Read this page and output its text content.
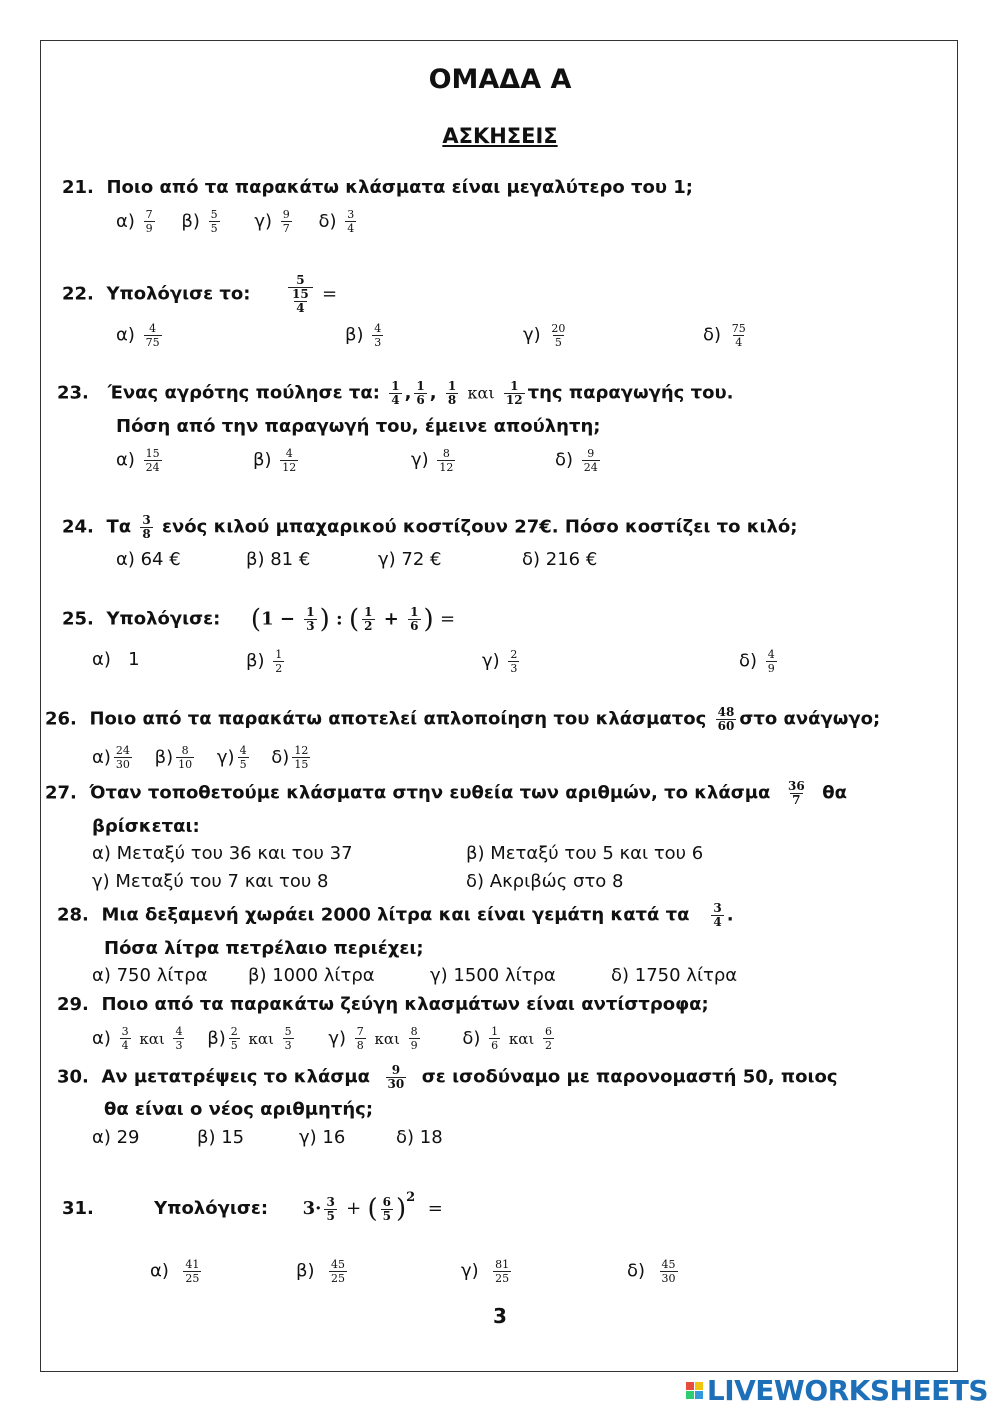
ΟΜΑΔΑ Α
ΑΣΚΗΣΕΙΣ
21. Ποιο από τα παρακάτω κλάσματα είναι μεγαλύτερο του 1;
$\alpha) \frac{7}{9} \beta) \frac{5}{5} \gamma) \frac{9}{7} \delta) \frac{3}{4}$
22. Υπολόγισε το:	$\frac{5}{\frac{15}{4}}$ =
$\alpha) \frac{4}{75}$	$\beta) \frac{4}{3}$	$\gamma) \frac{20}{5}$	$\delta) \frac{75}{4}$
23. Ένας αγρότης πούλησε τα: $\frac{1}{4}$ , $\frac{1}{6}$ , $\frac{1}{8}$ και $\frac{1}{12}$ της παραγωγής του.
Πόση από την παραγωγή του, έμεινε απούλητη;
$\alpha) \frac{15}{24}$	$\beta) \frac{4}{12}$	$\gamma) \frac{8}{12}$	$\delta) \frac{9}{24}$
24. Τα $\frac{3}{8}$ ενός κιλού μπαχαρικού κοστίζουν 27€. Πόσο κοστίζει το κιλό;
α) 64 €	β) 81 €	γ) 72 €	δ) 216 €
25. Υπολόγισε: ($1 - \frac{1}{3}$ ) : ( $\frac{1}{2} + \frac{1}{6}$ ) =
α) 1	$\beta) \frac{1}{2}$	$\gamma) \frac{2}{3}$	$\delta) \frac{4}{9}$
26. Ποιο από τα παρακάτω αποτελεί απλοποίηση του κλάσματος $\frac{48}{60}$ στο ανάγωγο;
$\alpha) \frac{24}{30} \beta) \frac{8}{10} \gamma) \frac{4}{5} \delta) \frac{12}{15}$
27. Όταν τοποθετούμε κλάσματα στην ευθεία των αριθμών, το κλάσμα $\frac{36}{7}$ θα
βρίσκεται:
α) Μεταξύ του 36 και του 37	β) Μεταξύ του 5 και του 6
γ) Μεταξύ του 7 και του 8	δ) Ακριβώς στο 8
28. Μια δεξαμενή χωράει 2000 λίτρα και είναι γεμάτη κατά τα $\frac{3}{4}$ .
Πόσα λίτρα πετρέλαιο περιέχει;
α) 750 λίτρα β) 1000 λίτρα	γ) 1500 λίτρα	δ) 1750 λίτρα
29. Ποιο από τα παρακάτω ζεύγη κλασμάτων είναι αντίστροφα;
$\alpha) \frac{3}{4}$ και $\frac{4}{3} \beta) \frac{2}{5}$ και $\frac{5}{3} \gamma) \frac{7}{8}$ και $\frac{8}{9} \delta) \frac{1}{6}$ και $\frac{6}{2}$
30. Αν μετατρέψεις το κλάσμα $\frac{9}{30}$ σε ισοδύναμο με παρονομαστή 50, ποιος
θα είναι ο νέος αριθμητής;
α) 29	β) 15	γ) 16	δ) 18
31.	Υπολόγισε: $3\cdot \frac{3}{5}$ + ( $\frac{6}{5} )^2$  =
$\alpha) \frac{41}{25}$	$\beta) \frac{45}{25}$	$\gamma) \frac{81}{25}$	$\delta) \frac{45}{30}$
3
LIVEWORKSHEETS
